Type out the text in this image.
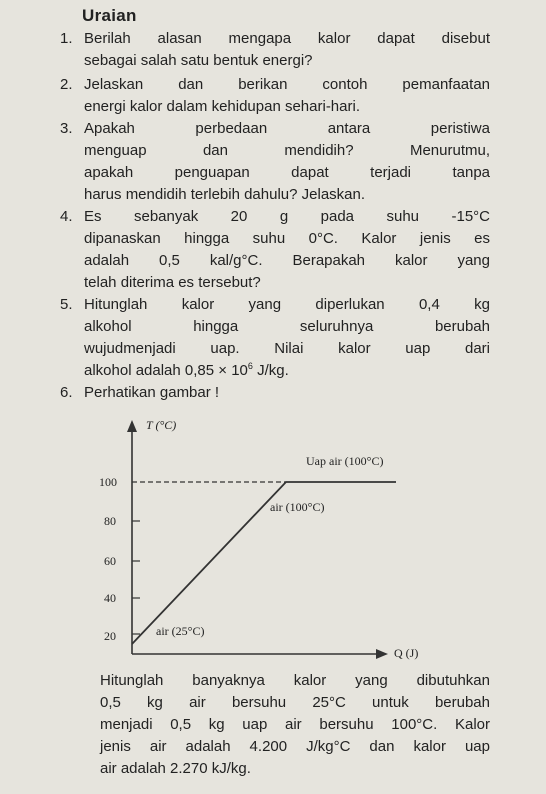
Uraian
1. Berilah alasan mengapa kalor dapat disebut
sebagai salah satu bentuk energi?
2. Jelaskan dan berikan contoh pemanfaatan
energi kalor dalam kehidupan sehari-hari.
3. Apakah perbedaan antara peristiwa
menguap dan mendidih? Menurutmu,
apakah penguapan dapat terjadi tanpa
harus mendidih terlebih dahulu? Jelaskan.
4. Es sebanyak 20 g pada suhu -15°C
dipanaskan hingga suhu 0°C. Kalor jenis es
adalah 0,5 kal/g°C. Berapakah kalor yang
telah diterima es tersebut?
5. Hitunglah kalor yang diperlukan 0,4 kg
alkohol hingga seluruhnya berubah
wujudmenjadi uap. Nilai kalor uap dari
alkohol adalah $0,85 \times 10^6$ J/kg.
6. Perhatikan gambar !
T (°C)
100
80
60
40
20
Uap air (100°C)
air (100°C)
air (25°C)
Q (J)
Hitunglah banyaknya kalor yang dibutuhkan
0,5 kg air bersuhu 25°C untuk berubah
menjadi 0,5 kg uap air bersuhu 100°C. Kalor
jenis air adalah 4.200 J/kg°C dan kalor uap
air adalah 2.270 kJ/kg.
